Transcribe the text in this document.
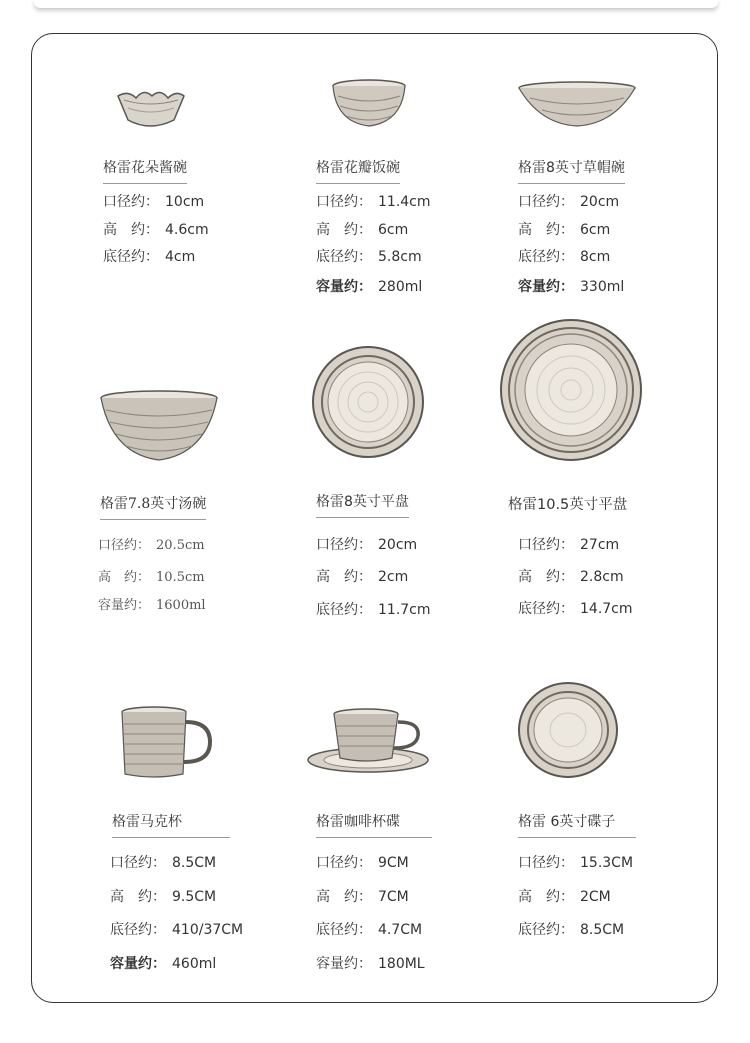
格雷花朵酱碗
口径约： 10cm
高　约： 4.6cm
底径约： 4cm
格雷花瓣饭碗
口径约： 11.4cm
高　约： 6cm
底径约： 5.8cm
容量约： 280ml
格雷8英寸草帽碗
口径约： 20cm
高　约： 6cm
底径约： 8cm
容量约： 330ml
格雷7.8英寸汤碗
口径约： 20.5cm
高　约： 10.5cm
容量约： 1600ml
格雷8英寸平盘
口径约： 20cm
高　约： 2cm
底径约： 11.7cm
格雷10.5英寸平盘
口径约： 27cm
高　约： 2.8cm
底径约： 14.7cm
格雷马克杯
口径约： 8.5CM
高　约： 9.5CM
底径约： 410/37CM
容量约： 460ml
格雷咖啡杯碟
口径约： 9CM
高　约： 7CM
底径约： 4.7CM
容量约： 180ML
格雷 6英寸碟子
口径约： 15.3CM
高　约： 2CM
底径约： 8.5CM
